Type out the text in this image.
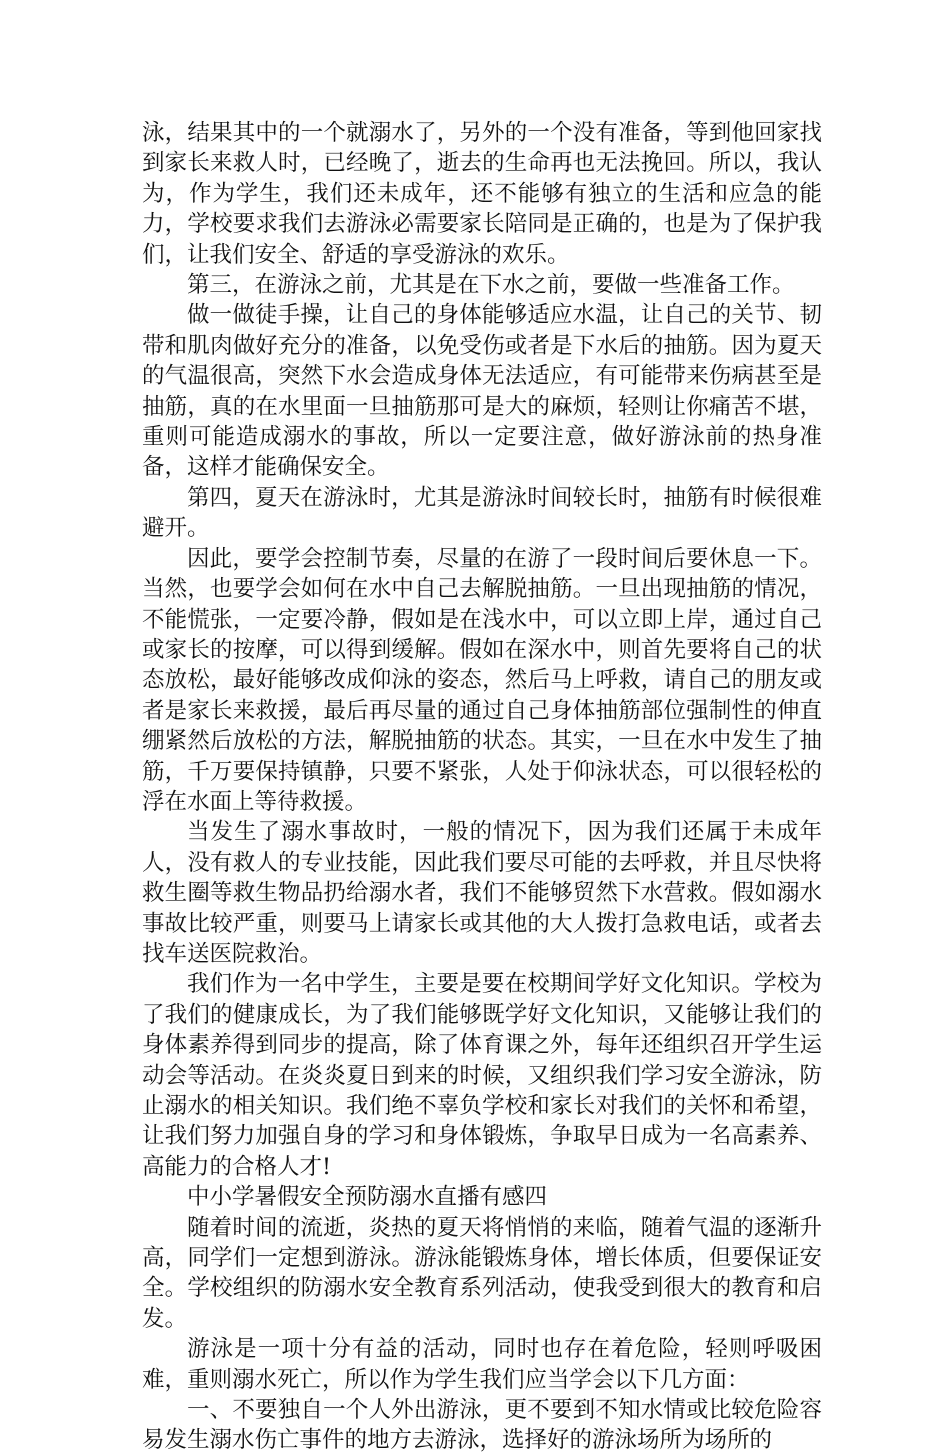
泳，结果其中的一个就溺水了，另外的一个没有准备，等到他回家找到家长来救人时，已经晚了，逝去的生命再也无法挽回。所以，我认为，作为学生，我们还未成年，还不能够有独立的生活和应急的能力，学校要求我们去游泳必需要家长陪同是正确的，也是为了保护我们，让我们安全、舒适的享受游泳的欢乐。

第三，在游泳之前，尤其是在下水之前，要做一些准备工作。

做一做徒手操，让自己的身体能够适应水温，让自己的关节、韧带和肌肉做好充分的准备，以免受伤或者是下水后的抽筋。因为夏天的气温很高，突然下水会造成身体无法适应，有可能带来伤病甚至是抽筋，真的在水里面一旦抽筋那可是大的麻烦，轻则让你痛苦不堪，重则可能造成溺水的事故，所以一定要注意，做好游泳前的热身准备，这样才能确保安全。

第四，夏天在游泳时，尤其是游泳时间较长时，抽筋有时候很难避开。

因此，要学会控制节奏，尽量的在游了一段时间后要休息一下。当然，也要学会如何在水中自己去解脱抽筋。一旦出现抽筋的情况，不能慌张，一定要冷静，假如是在浅水中，可以立即上岸，通过自己或家长的按摩，可以得到缓解。假如在深水中，则首先要将自己的状态放松，最好能够改成仰泳的姿态，然后马上呼救，请自己的朋友或者是家长来救援，最后再尽量的通过自己身体抽筋部位强制性的伸直绷紧然后放松的方法，解脱抽筋的状态。其实，一旦在水中发生了抽筋，千万要保持镇静，只要不紧张，人处于仰泳状态，可以很轻松的浮在水面上等待救援。

当发生了溺水事故时，一般的情况下，因为我们还属于未成年人，没有救人的专业技能，因此我们要尽可能的去呼救，并且尽快将救生圈等救生物品扔给溺水者，我们不能够贸然下水营救。假如溺水事故比较严重，则要马上请家长或其他的大人拨打急救电话，或者去找车送医院救治。

我们作为一名中学生，主要是要在校期间学好文化知识。学校为了我们的健康成长，为了我们能够既学好文化知识，又能够让我们的身体素养得到同步的提高，除了体育课之外，每年还组织召开学生运动会等活动。在炎炎夏日到来的时候，又组织我们学习安全游泳，防止溺水的相关知识。我们绝不辜负学校和家长对我们的关怀和希望，让我们努力加强自身的学习和身体锻炼，争取早日成为一名高素养、高能力的合格人才!

中小学暑假安全预防溺水直播有感四

随着时间的流逝，炎热的夏天将悄悄的来临，随着气温的逐渐升高，同学们一定想到游泳。游泳能锻炼身体，增长体质，但要保证安全。学校组织的防溺水安全教育系列活动，使我受到很大的教育和启发。

游泳是一项十分有益的活动，同时也存在着危险，轻则呼吸困难，重则溺水死亡，所以作为学生我们应当学会以下几方面：

一、不要独自一个人外出游泳，更不要到不知水情或比较危险容易发生溺水伤亡事件的地方去游泳，选择好的游泳场所为场所的
